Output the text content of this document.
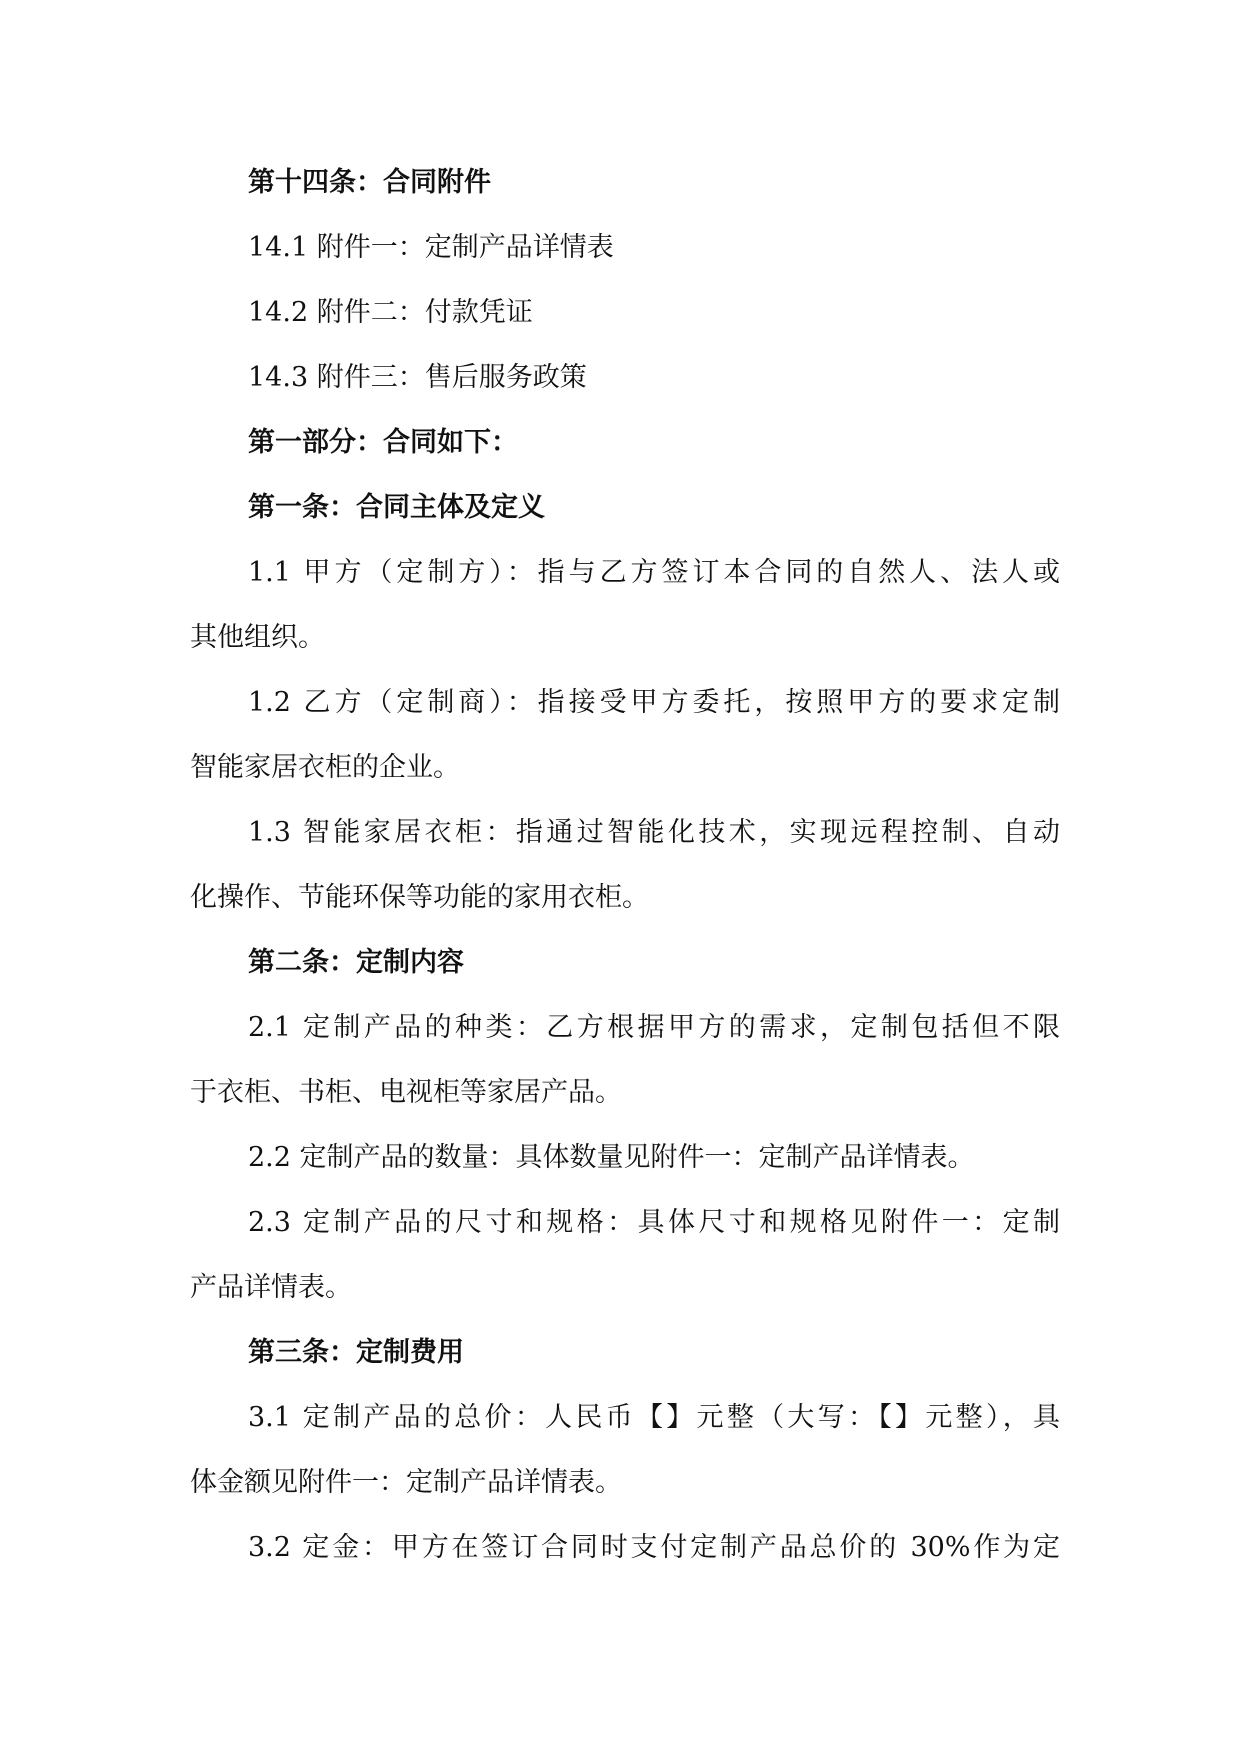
第十四条：合同附件
14.1 附件一：定制产品详情表
14.2 附件二：付款凭证
14.3 附件三：售后服务政策
第一部分：合同如下：
第一条：合同主体及定义
1.1 甲方（定制方）：指与乙方签订本合同的自然人、法人或
其他组织。
1.2 乙方（定制商）：指接受甲方委托，按照甲方的要求定制
智能家居衣柜的企业。
1.3 智能家居衣柜：指通过智能化技术，实现远程控制、自动
化操作、节能环保等功能的家用衣柜。
第二条：定制内容
2.1 定制产品的种类：乙方根据甲方的需求，定制包括但不限
于衣柜、书柜、电视柜等家居产品。
2.2 定制产品的数量：具体数量见附件一：定制产品详情表。
2.3 定制产品的尺寸和规格：具体尺寸和规格见附件一：定制
产品详情表。
第三条：定制费用
3.1 定制产品的总价：人民币【】元整（大写：【】元整），具
体金额见附件一：定制产品详情表。
3.2 定金：甲方在签订合同时支付定制产品总价的 30%作为定
